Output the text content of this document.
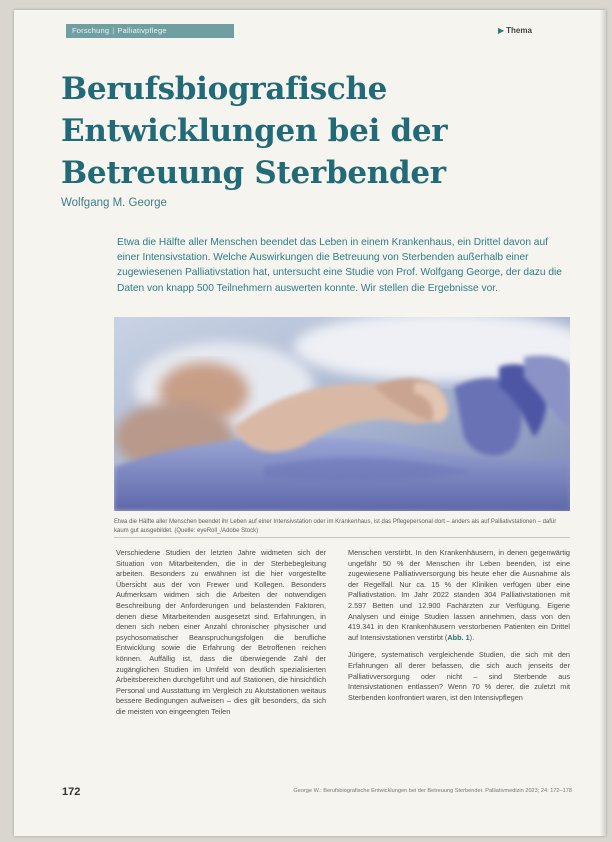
Forschung | Palliativpflege	▶ Thema
Berufsbiografische
Entwicklungen bei der
Betreuung Sterbender
Wolfgang M. George
Etwa die Hälfte aller Menschen beendet das Leben in einem Krankenhaus, ein Drittel davon auf einer Intensivstation. Welche Auswirkungen die Betreuung von Sterbenden außerhalb einer zugewiesenen Palliativstation hat, untersucht eine Studie von Prof. Wolfgang George, der dazu die Daten von knapp 500 Teilnehmern auswerten konnte. Wir stellen die Ergebnisse vor.
Etwa die Hälfte aller Menschen beendet ihr Leben auf einer Intensivstation oder im Krankenhaus, ist das Pflegepersonal dort – anders als auf Palliativstationen – dafür kaum gut ausgebildet. (Quelle: eyeRoll_/Adobe Stock)

Verschiedene Studien der letzten Jahre widmeten sich der Situation von Mitarbeitenden, die in der Sterbebegleitung arbeiten. Besonders zu erwähnen ist die hier vorgestellte Übersicht aus der von Frewer und Kollegen. Besonders Aufmerksam widmen sich die Arbeiten der notwendigen Beschreibung der Anforderungen und belastenden Faktoren, denen diese Mitarbeitenden ausgesetzt sind. Erfahrungen, in denen sich neben einer Anzahl chronischer physischer und psychosomatischer Beanspruchungsfolgen die berufliche Entwicklung sowie die Erfahrung der Betroffenen reichen können. Auffällig ist, dass die überwiegende Zahl der zugänglichen Studien im Umfeld von deutlich spezialisierten Arbeitsbereichen durchgeführt und auf Stationen, die hinsichtlich Personal und Ausstattung im Vergleich zu Akutstationen weitaus bessere Bedingungen aufweisen – dies gilt besonders, da sich die meisten von eingeengten Teilen

Menschen verstirbt. In den Krankenhäusern, in denen gegenwärtig ungefähr 50 % der Menschen ihr Leben beenden, ist eine zugewiesene Palliativversorgung bis heute eher die Ausnahme als der Regelfall. Nur ca. 15 % der Kliniken verfügen über eine Palliativstation. Im Jahr 2022 standen 304 Palliativstationen mit 2.597 Betten und 12.900 Fachärzten zur Verfügung. Eigene Analysen und einige Studien lassen annehmen, dass von den 419.341 in den Krankenhäusern verstorbenen Patienten ein Drittel auf Intensivstationen verstirbt (Abb. 1).

Jüngere, systematisch vergleichende Studien, die sich mit den Erfahrungen all derer befassen, die sich auch jenseits der Palliativversorgung oder nicht – sind Sterbende aus Intensivstationen entlassen? Wenn 70 % derer, die zuletzt mit Sterbenden konfrontiert waren, ist den Intensivpflegen

172	George W.: Berufsbiografische Entwicklungen bei der Betreuung Sterbender. Palliativmedizin 2023; 24: 172–178
